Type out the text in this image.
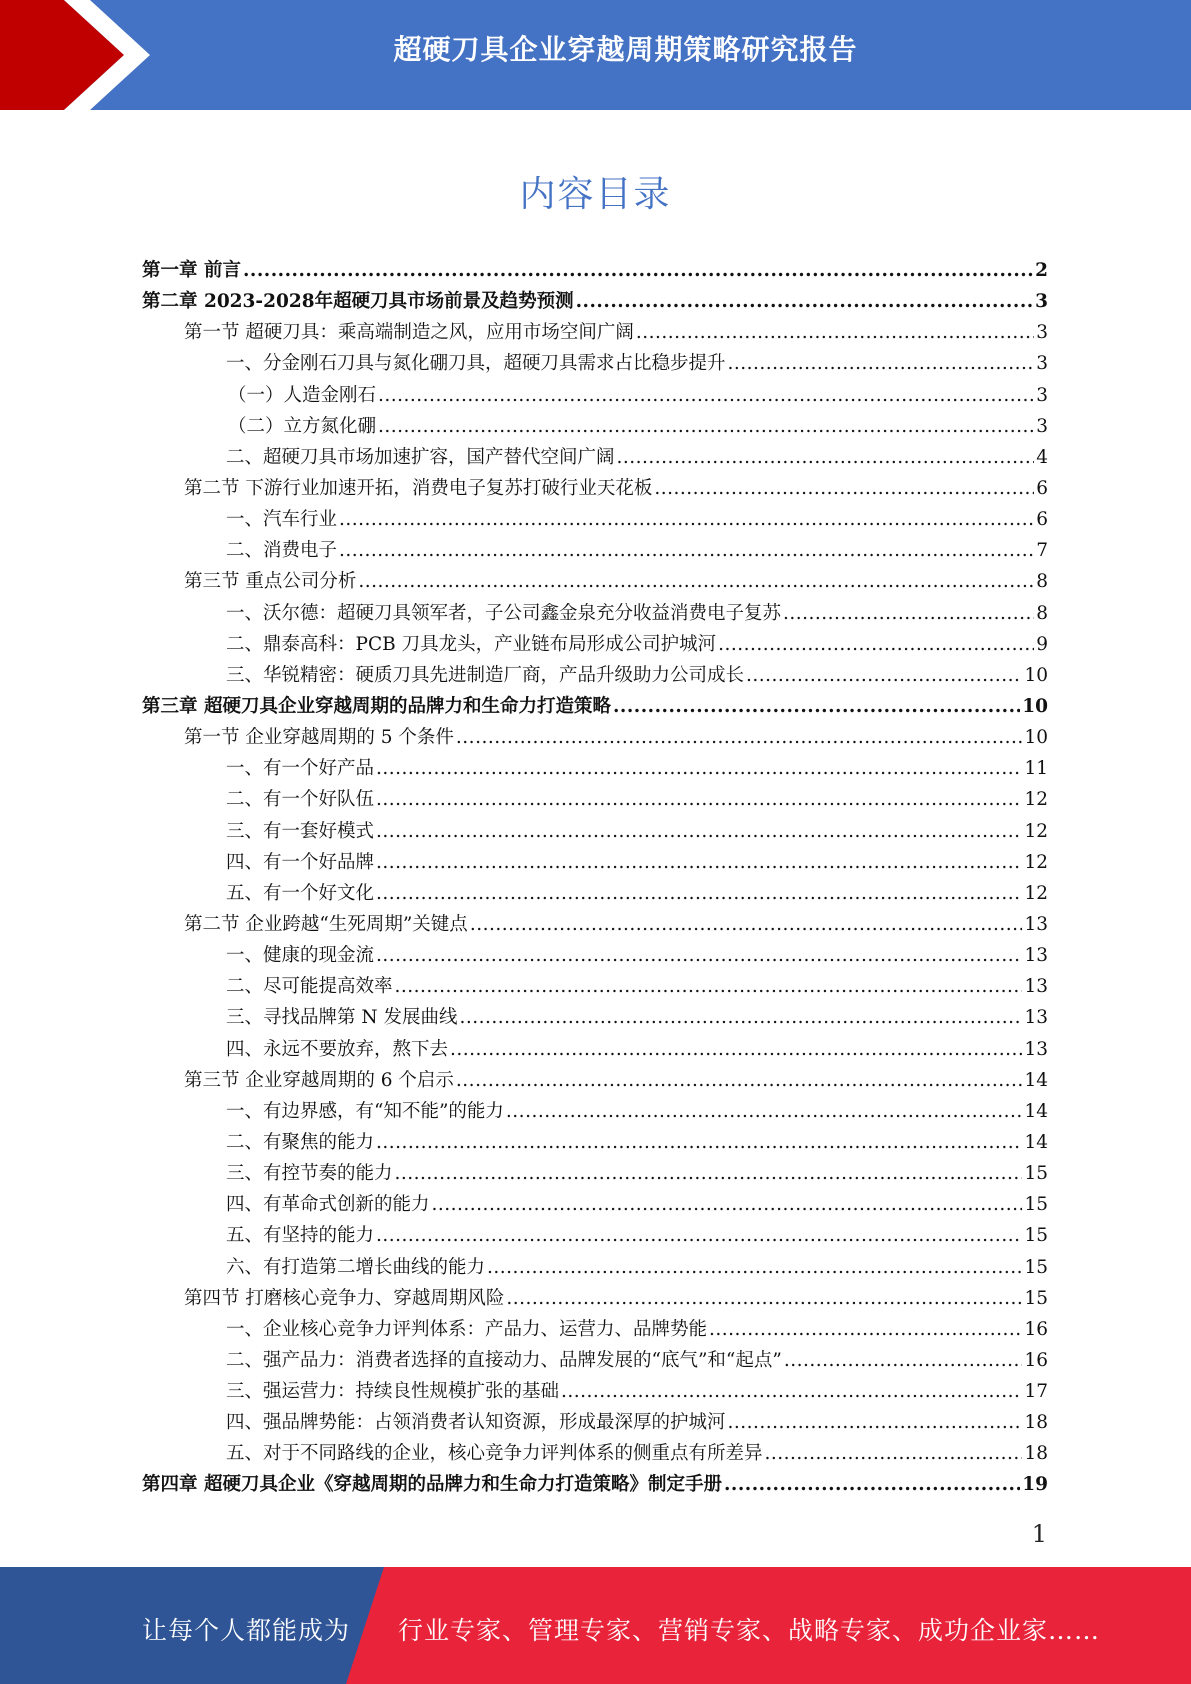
超硬刀具企业穿越周期策略研究报告
内容目录
第一章 前言 .....	2
第二章 2023-2028年超硬刀具市场前景及趋势预测 .....	3
第一节 超硬刀具：乘高端制造之风，应用市场空间广阔 .....	3
一、分金刚石刀具与氮化硼刀具，超硬刀具需求占比稳步提升 .....	3
（一）人造金刚石 .....	3
（二）立方氮化硼 .....	3
二、超硬刀具市场加速扩容，国产替代空间广阔 .....	4
第二节 下游行业加速开拓，消费电子复苏打破行业天花板 .....	6
一、汽车行业 .....	6
二、消费电子 .....	7
第三节 重点公司分析 .....	8
一、沃尔德：超硬刀具领军者，子公司鑫金泉充分收益消费电子复苏 .....	8
二、鼎泰高科：PCB 刀具龙头，产业链布局形成公司护城河 .....	9
三、华锐精密：硬质刀具先进制造厂商，产品升级助力公司成长 .....	10
第三章 超硬刀具企业穿越周期的品牌力和生命力打造策略 .....	10
第一节 企业穿越周期的 5 个条件 .....	10
一、有一个好产品 .....	11
二、有一个好队伍 .....	12
三、有一套好模式 .....	12
四、有一个好品牌 .....	12
五、有一个好文化 .....	12
第二节 企业跨越“生死周期”关键点 .....	13
一、健康的现金流 .....	13
二、尽可能提高效率 .....	13
三、寻找品牌第 N 发展曲线 .....	13
四、永远不要放弃，熬下去 .....	13
第三节 企业穿越周期的 6 个启示 .....	14
一、有边界感，有“知不能”的能力 .....	14
二、有聚焦的能力 .....	14
三、有控节奏的能力 .....	15
四、有革命式创新的能力 .....	15
五、有坚持的能力 .....	15
六、有打造第二增长曲线的能力 .....	15
第四节 打磨核心竞争力、穿越周期风险 .....	15
一、企业核心竞争力评判体系：产品力、运营力、品牌势能 .....	16
二、强产品力：消费者选择的直接动力、品牌发展的“底气”和“起点” .....	16
三、强运营力：持续良性规模扩张的基础 .....	17
四、强品牌势能：占领消费者认知资源，形成最深厚的护城河 .....	18
五、对于不同路线的企业，核心竞争力评判体系的侧重点有所差异 .....	18
第四章 超硬刀具企业《穿越周期的品牌力和生命力打造策略》制定手册 .....	19
1
让每个人都能成为 行业专家、管理专家、营销专家、战略专家、成功企业家……
